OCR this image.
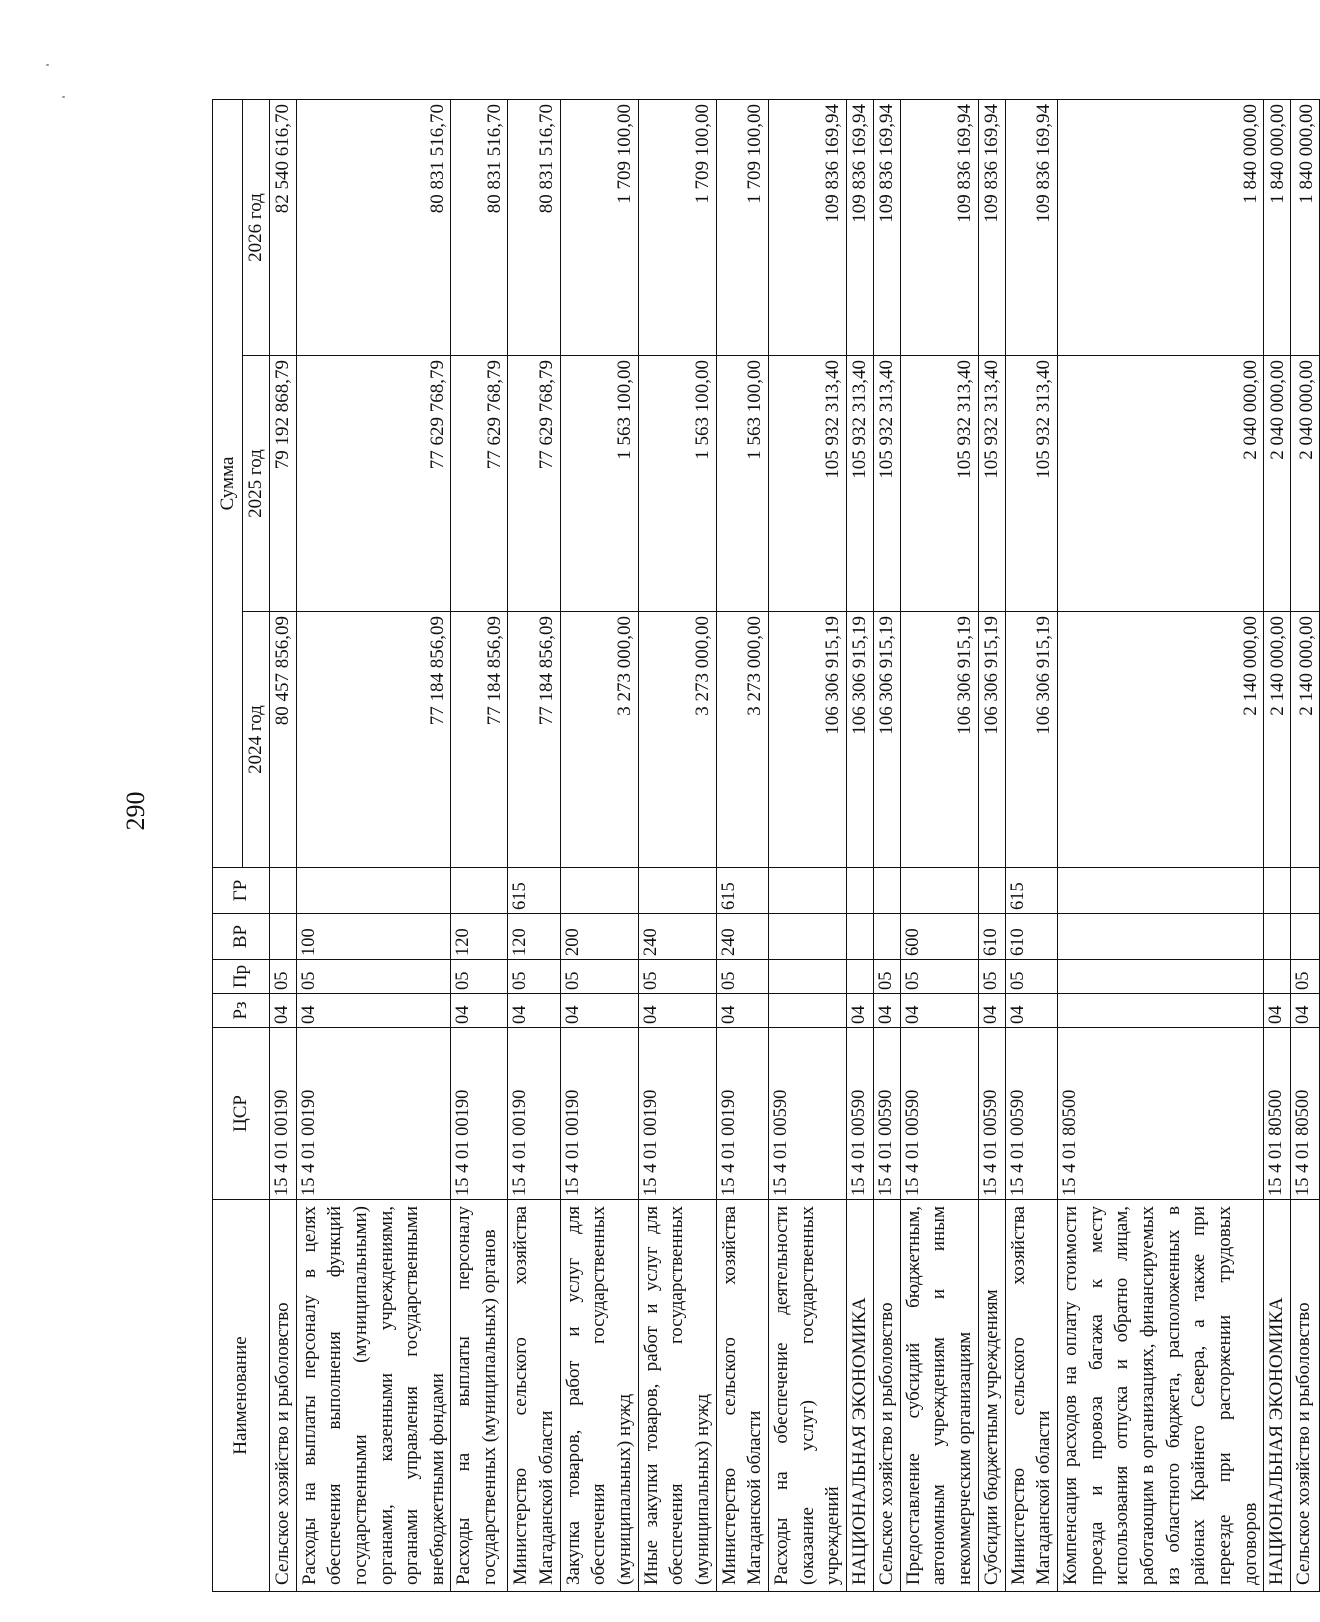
290
Наименование	ЦСР	Рз	Пр	ВР	ГР	Сумма		
						2024 год	2025 год	2026 год
Сельское хозяйство и рыболовство	15 4 01 00190	04	05			80 457 856,09	79 192 868,79	82 540 616,70
Расходы на выплаты персоналу в целях обеспечения выполнения функций государственными (муниципальными) органами, казенными учреждениями, органами управления государственными внебюджетными фондами	15 4 01 00190	04	05	100		77 184 856,09	77 629 768,79	80 831 516,70
Расходы на выплаты персоналу государственных (муниципальных) органов	15 4 01 00190	04	05	120		77 184 856,09	77 629 768,79	80 831 516,70
Министерство сельского хозяйства Магаданской области	15 4 01 00190	04	05	120	615	77 184 856,09	77 629 768,79	80 831 516,70
Закупка товаров, работ и услуг для обеспечения государственных (муниципальных) нужд	15 4 01 00190	04	05	200		3 273 000,00	1 563 100,00	1 709 100,00
Иные закупки товаров, работ и услуг для обеспечения государственных (муниципальных) нужд	15 4 01 00190	04	05	240		3 273 000,00	1 563 100,00	1 709 100,00
Министерство сельского хозяйства Магаданской области	15 4 01 00190	04	05	240	615	3 273 000,00	1 563 100,00	1 709 100,00
Расходы на обеспечение деятельности (оказание услуг) государственных учреждений	15 4 01 00590					106 306 915,19	105 932 313,40	109 836 169,94
НАЦИОНАЛЬНАЯ ЭКОНОМИКА	15 4 01 00590	04				106 306 915,19	105 932 313,40	109 836 169,94
Сельское хозяйство и рыболовство	15 4 01 00590	04	05			106 306 915,19	105 932 313,40	109 836 169,94
Предоставление субсидий бюджетным, автономным учреждениям и иным некоммерческим организациям	15 4 01 00590	04	05	600		106 306 915,19	105 932 313,40	109 836 169,94
Субсидии бюджетным учреждениям	15 4 01 00590	04	05	610		106 306 915,19	105 932 313,40	109 836 169,94
Министерство сельского хозяйства Магаданской области	15 4 01 00590	04	05	610	615	106 306 915,19	105 932 313,40	109 836 169,94
Компенсация расходов на оплату стоимости проезда и провоза багажа к месту использования отпуска и обратно лицам, работающим в организациях, финансируемых из областного бюджета, расположенных в районах Крайнего Севера, а также при переезде при расторжении трудовых договоров	15 4 01 80500					2 140 000,00	2 040 000,00	1 840 000,00
НАЦИОНАЛЬНАЯ ЭКОНОМИКА	15 4 01 80500	04				2 140 000,00	2 040 000,00	1 840 000,00
Сельское хозяйство и рыболовство	15 4 01 80500	04	05			2 140 000,00	2 040 000,00	1 840 000,00
